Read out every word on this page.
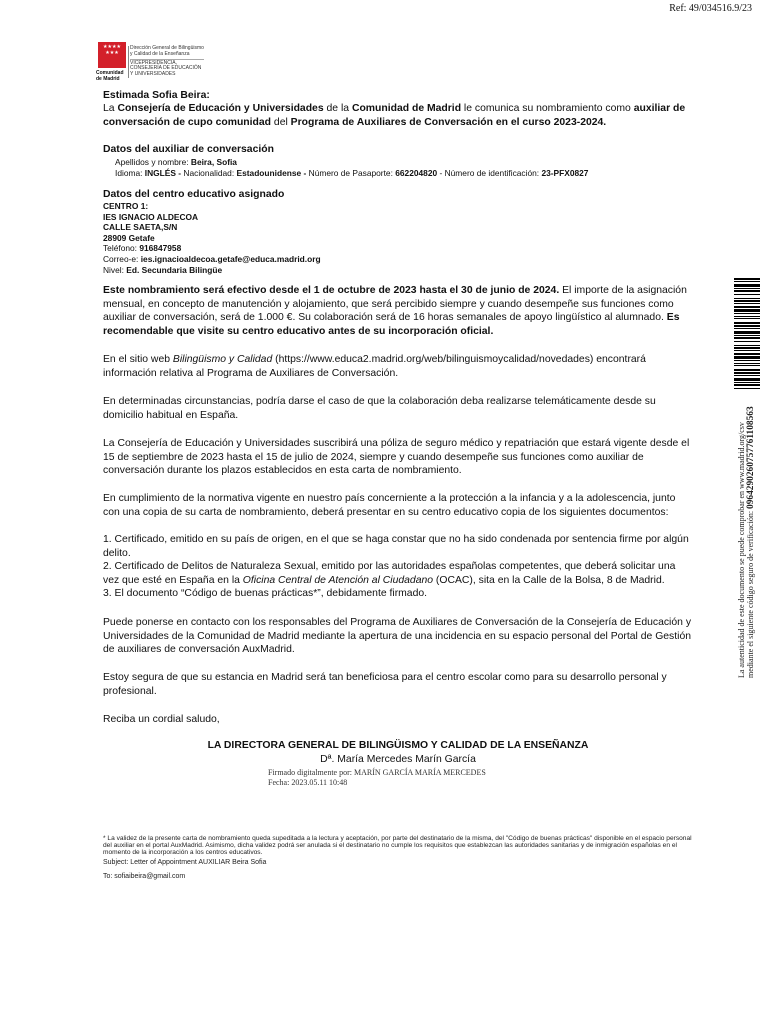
Ref: 49/034516.9/23
★★★★ ★★★
Comunidad
de Madrid
Dirección General de Bilingüismo
y Calidad de la Enseñanza
VICEPRESIDENCIA,
CONSEJERÍA DE EDUCACIÓN
Y UNIVERSIDADES
Estimada Sofia Beira:
La Consejería de Educación y Universidades de la Comunidad de Madrid le comunica su nombramiento como auxiliar de conversación de cupo comunidad del Programa de Auxiliares de Conversación en el curso 2023-2024.
Datos del auxiliar de conversación
Apellidos y nombre: Beira, Sofia
Idioma: INGLÉS - Nacionalidad: Estadounidense - Número de Pasaporte: 662204820 - Número de identificación: 23-PFX0827
Datos del centro educativo asignado
CENTRO 1:
IES IGNACIO ALDECOA
CALLE SAETA,S/N
28909 Getafe
Teléfono: 916847958
Correo-e: ies.ignacioaldecoa.getafe@educa.madrid.org
Nivel: Ed. Secundaria Bilingüe
Este nombramiento será efectivo desde el 1 de octubre de 2023 hasta el 30 de junio de 2024. El importe de la asignación mensual, en concepto de manutención y alojamiento, que será percibido siempre y cuando desempeñe sus funciones como auxiliar de conversación, será de 1.000 €. Su colaboración será de 16 horas semanales de apoyo lingüístico al alumnado. Es recomendable que visite su centro educativo antes de su incorporación oficial.
En el sitio web Bilingüismo y Calidad (https://www.educa2.madrid.org/web/bilinguismoycalidad/novedades) encontrará información relativa al Programa de Auxiliares de Conversación.
En determinadas circunstancias, podría darse el caso de que la colaboración deba realizarse telemáticamente desde su domicilio habitual en España.
La Consejería de Educación y Universidades suscribirá una póliza de seguro médico y repatriación que estará vigente desde el 15 de septiembre de 2023 hasta el 15 de julio de 2024, siempre y cuando desempeñe sus funciones como auxiliar de conversación durante los plazos establecidos en esta carta de nombramiento.
En cumplimiento de la normativa vigente en nuestro país concerniente a la protección a la infancia y a la adolescencia, junto con una copia de su carta de nombramiento, deberá presentar en su centro educativo copia de los siguientes documentos:
1. Certificado, emitido en su país de origen, en el que se haga constar que no ha sido condenada por sentencia firme por algún delito.
2. Certificado de Delitos de Naturaleza Sexual, emitido por las autoridades españolas competentes, que deberá solicitar una vez que esté en España en la Oficina Central de Atención al Ciudadano (OCAC), sita en la Calle de la Bolsa, 8 de Madrid.
3. El documento “Código de buenas prácticas*”, debidamente firmado.
Puede ponerse en contacto con los responsables del Programa de Auxiliares de Conversación de la Consejería de Educación y Universidades de la Comunidad de Madrid mediante la apertura de una incidencia en su espacio personal del Portal de Gestión de auxiliares de conversación AuxMadrid.
Estoy segura de que su estancia en Madrid será tan beneficiosa para el centro escolar como para su desarrollo personal y profesional.
Reciba un cordial saludo,
LA DIRECTORA GENERAL DE BILINGÜISMO Y CALIDAD DE LA ENSEÑANZA
Dª. María Mercedes Marín García
Firmado digitalmente por: MARÍN GARCÍA MARÍA MERCEDES
Fecha: 2023.05.11 10:48
* La validez de la presente carta de nombramiento queda supeditada a la lectura y aceptación, por parte del destinatario de la misma, del "Código de buenas prácticas" disponible en el espacio personal del auxiliar en el portal AuxMadrid. Asimismo, dicha validez podrá ser anulada si el destinatario no cumple los requisitos que establezcan las autoridades sanitarias y de inmigración españolas en el momento de la incorporación a los centros educativos.
Subject: Letter of Appointment AUXILIAR Beira Sofia
To: sofiaibeira@gmail.com
La autenticidad de este documento se puede comprobar en www.madrid.org/csv mediante el siguiente código seguro de verificación: 0964290260757761108563
